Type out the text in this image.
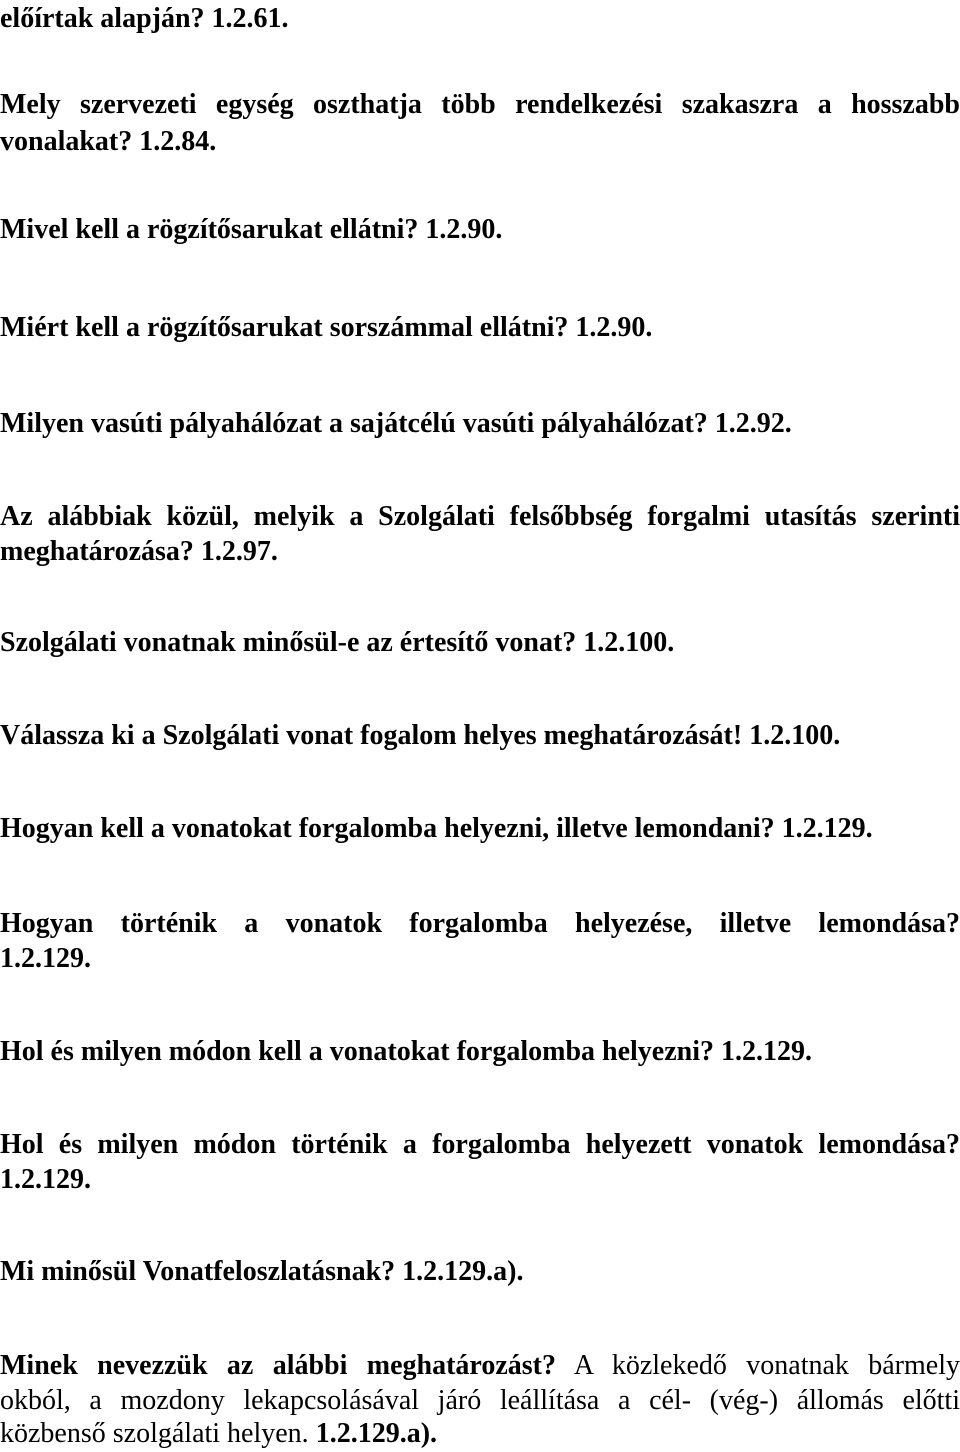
előírtak alapján? 1.2.61.
Mely szervezeti egység oszthatja több rendelkezési szakaszra a hosszabb
vonalakat? 1.2.84.
Mivel kell a rögzítősarukat ellátni? 1.2.90.
Miért kell a rögzítősarukat sorszámmal ellátni? 1.2.90.
Milyen vasúti pályahálózat a sajátcélú vasúti pályahálózat? 1.2.92.
Az alábbiak közül, melyik a Szolgálati felsőbbség forgalmi utasítás szerinti
meghatározása? 1.2.97.
Szolgálati vonatnak minősül-e az értesítő vonat? 1.2.100.
Válassza ki a Szolgálati vonat fogalom helyes meghatározását! 1.2.100.
Hogyan kell a vonatokat forgalomba helyezni, illetve lemondani? 1.2.129.
Hogyan történik a vonatok forgalomba helyezése, illetve lemondása?
1.2.129.
Hol és milyen módon kell a vonatokat forgalomba helyezni? 1.2.129.
Hol és milyen módon történik a forgalomba helyezett vonatok lemondása?
1.2.129.
Mi minősül Vonatfeloszlatásnak? 1.2.129.a).
Minek nevezzük az alábbi meghatározást? A közlekedő vonatnak bármely
okból, a mozdony lekapcsolásával járó leállítása a cél- (vég-) állomás előtti
közbenső szolgálati helyen. 1.2.129.a).
